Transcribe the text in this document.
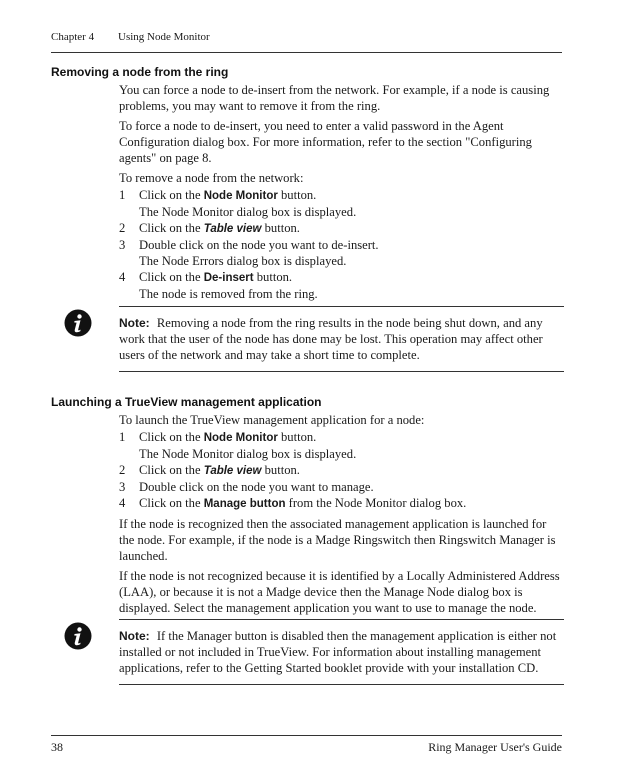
Chapter 4 Using Node Monitor
Removing a node from the ring

You can force a node to de-insert from the network. For example, if a node is causing problems, you may want to remove it from the ring.

To force a node to de-insert, you need to enter a valid password in the Agent Configuration dialog box. For more information, refer to the section "Configuring agents" on page 8.

To remove a node from the network:

1 Click on the Node Monitor button.
The Node Monitor dialog box is displayed.
2 Click on the Table view button.
3 Double click on the node you want to de-insert.
The Node Errors dialog box is displayed.
4 Click on the De-insert button.
The node is removed from the ring.
Note: Removing a node from the ring results in the node being shut down, and any work that the user of the node has done may be lost. This operation may affect other users of the network and may take a short time to complete.
Launching a TrueView management application

To launch the TrueView management application for a node:

1 Click on the Node Monitor button.
The Node Monitor dialog box is displayed.
2 Click on the Table view button.
3 Double click on the node you want to manage.
4 Click on the Manage button from the Node Monitor dialog box.

If the node is recognized then the associated management application is launched for the node. For example, if the node is a Madge Ringswitch then Ringswitch Manager is launched.

If the node is not recognized because it is identified by a Locally Administered Address (LAA), or because it is not a Madge device then the Manage Node dialog box is displayed. Select the management application you want to use to manage the node.

Note: If the Manager button is disabled then the management application is either not installed or not included in TrueView. For information about installing management applications, refer to the Getting Started booklet provide with your installation CD.
38	Ring Manager User's Guide
